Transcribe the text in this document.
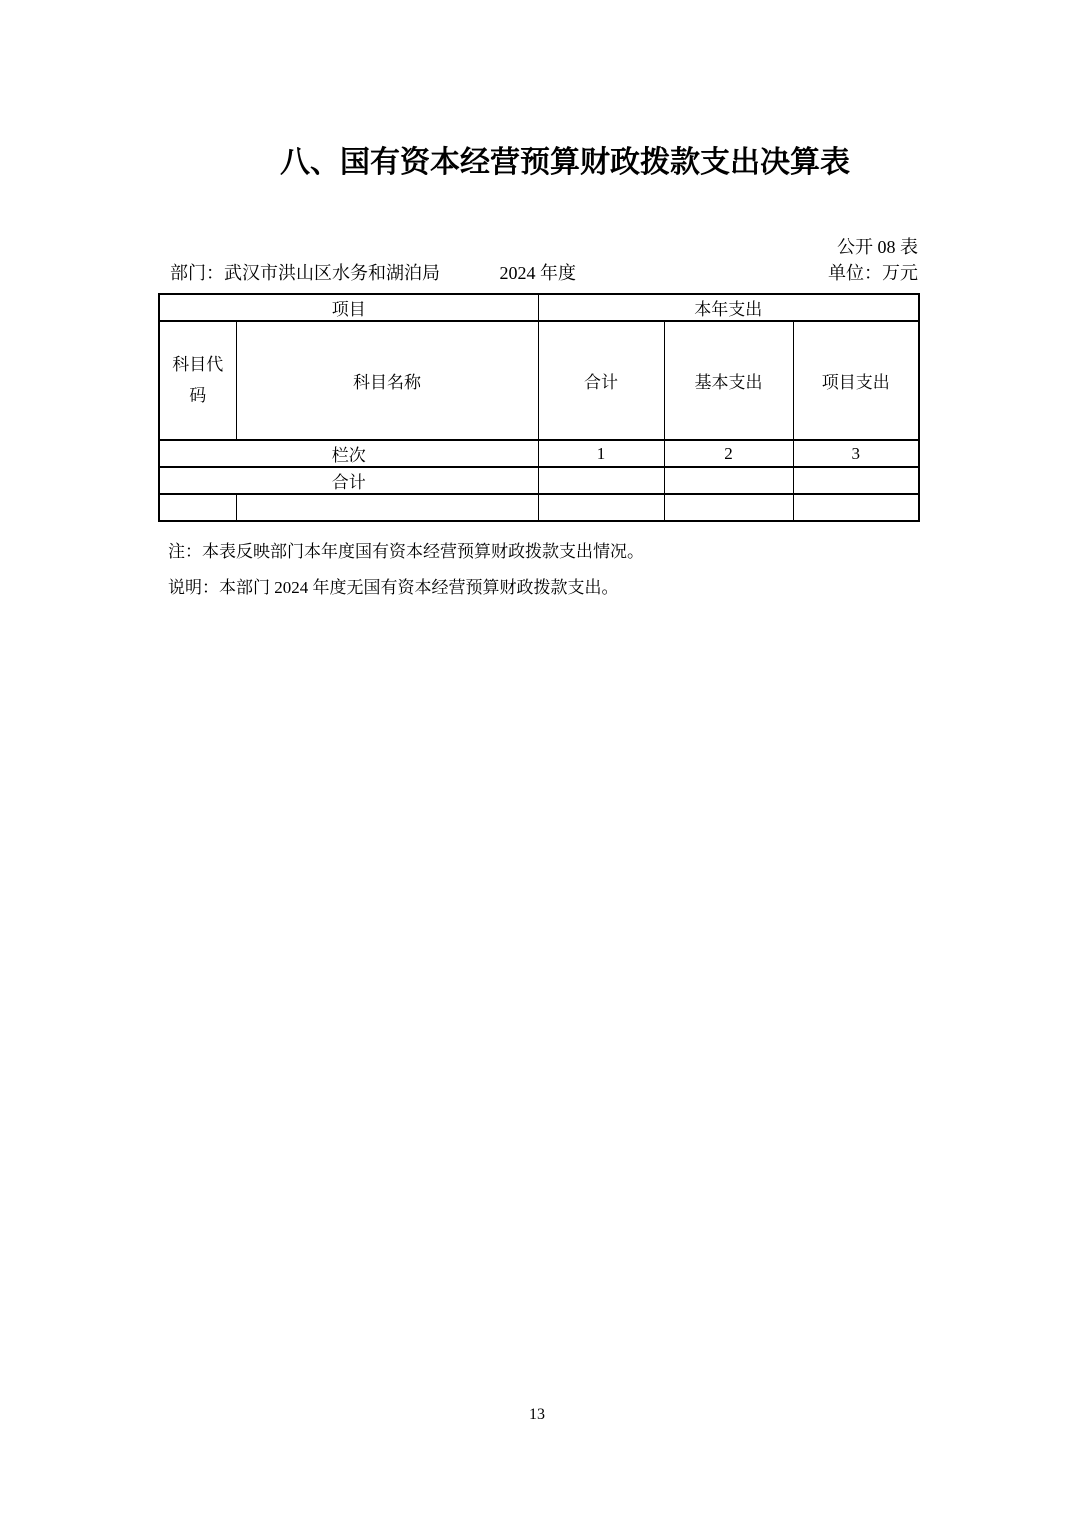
八、国有资本经营预算财政拨款支出决算表
公开 08 表
部门：武汉市洪山区水务和湖泊局	2024 年度	单位：万元
项目		本年支出		
科目代码	科目名称	合计	基本支出	项目支出
栏次		1	2	3
合计				

注：本表反映部门本年度国有资本经营预算财政拨款支出情况。
说明：本部门 2024 年度无国有资本经营预算财政拨款支出。
13
